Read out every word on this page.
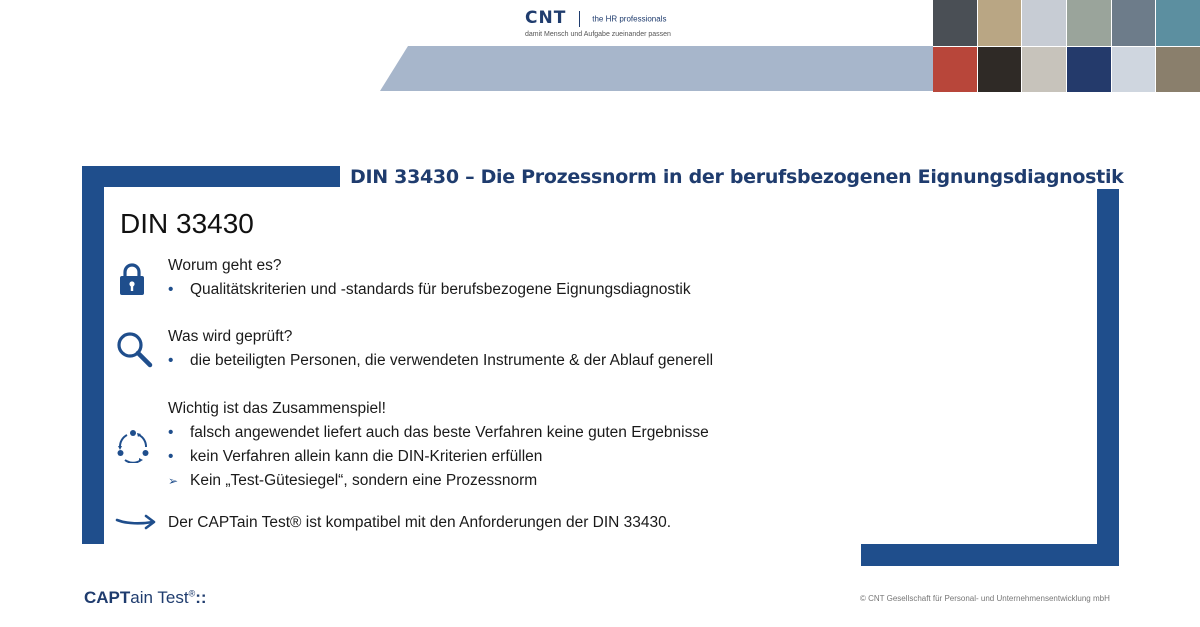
CNT	the HR professionals
damit Mensch und Aufgabe zueinander passen
DIN 33430 – Die Prozessnorm in der berufsbezogenen Eignungsdiagnostik
DIN 33430
Worum geht es?
• Qualitätskriterien und -standards für berufsbezogene Eignungsdiagnostik
Was wird geprüft?
• die beteiligten Personen, die verwendeten Instrumente & der Ablauf generell
Wichtig ist das Zusammenspiel!
• falsch angewendet liefert auch das beste Verfahren keine guten Ergebnisse
• kein Verfahren allein kann die DIN-Kriterien erfüllen
➢ Kein „Test-Gütesiegel“, sondern eine Prozessnorm
Der CAPTain Test® ist kompatibel mit den Anforderungen der DIN 33430.
CAPTain Test®::	© CNT Gesellschaft für Personal- und Unternehmensentwicklung mbH
